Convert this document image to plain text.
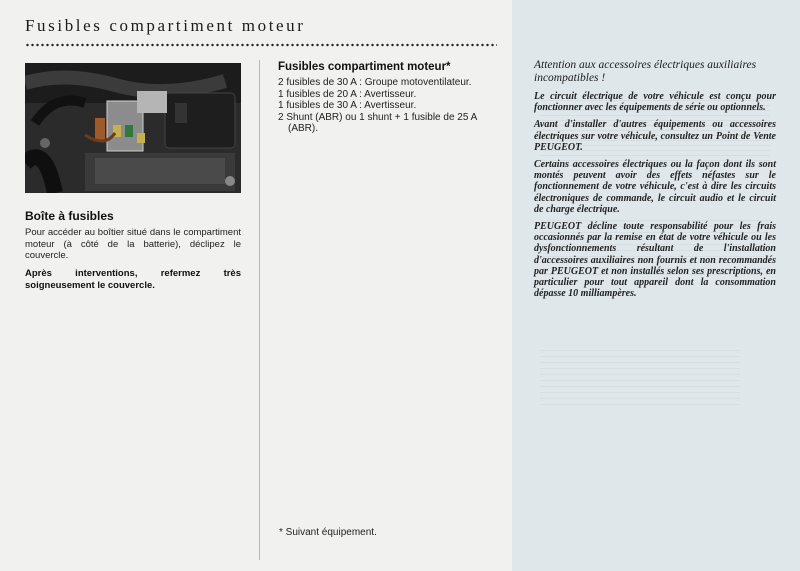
Fusibles compartiment moteur
Boîte à fusibles

Pour accéder au boîtier situé dans le compartiment moteur (à côté de la batterie), déclipez le couvercle.

Après interventions, refermez très soigneusement le couvercle.

Fusibles compartiment moteur*
2 fusibles de 30 A : Groupe motoventilateur.
1 fusibles de 20 A : Avertisseur.
1 fusibles de 30 A : Avertisseur.
2 Shunt (ABR) ou 1 shunt + 1 fusible de 25 A
(ABR).
* Suivant équipement.

Attention aux accessoires électriques auxiliaires incompatibles !

Le circuit électrique de votre véhicule est conçu pour fonctionner avec les équipements de série ou optionnels.

Avant d'installer d'autres équipements ou accessoires électriques sur votre véhicule, consultez un Point de Vente PEUGEOT.

Certains accessoires électriques ou la façon dont ils sont montés peuvent avoir des effets néfastes sur le fonctionnement de votre véhicule, c'est à dire les circuits électroniques de commande, le circuit audio et le circuit de charge électrique.

PEUGEOT décline toute responsabilité pour les frais occasionnés par la remise en état de votre véhicule ou les dysfonctionnements résultant de l'installation d'accessoires auxiliaires non fournis et non recommandés par PEUGEOT et non installés selon ses prescriptions, en particulier pour tout appareil dont la consommation dépasse 10 milliampères.
